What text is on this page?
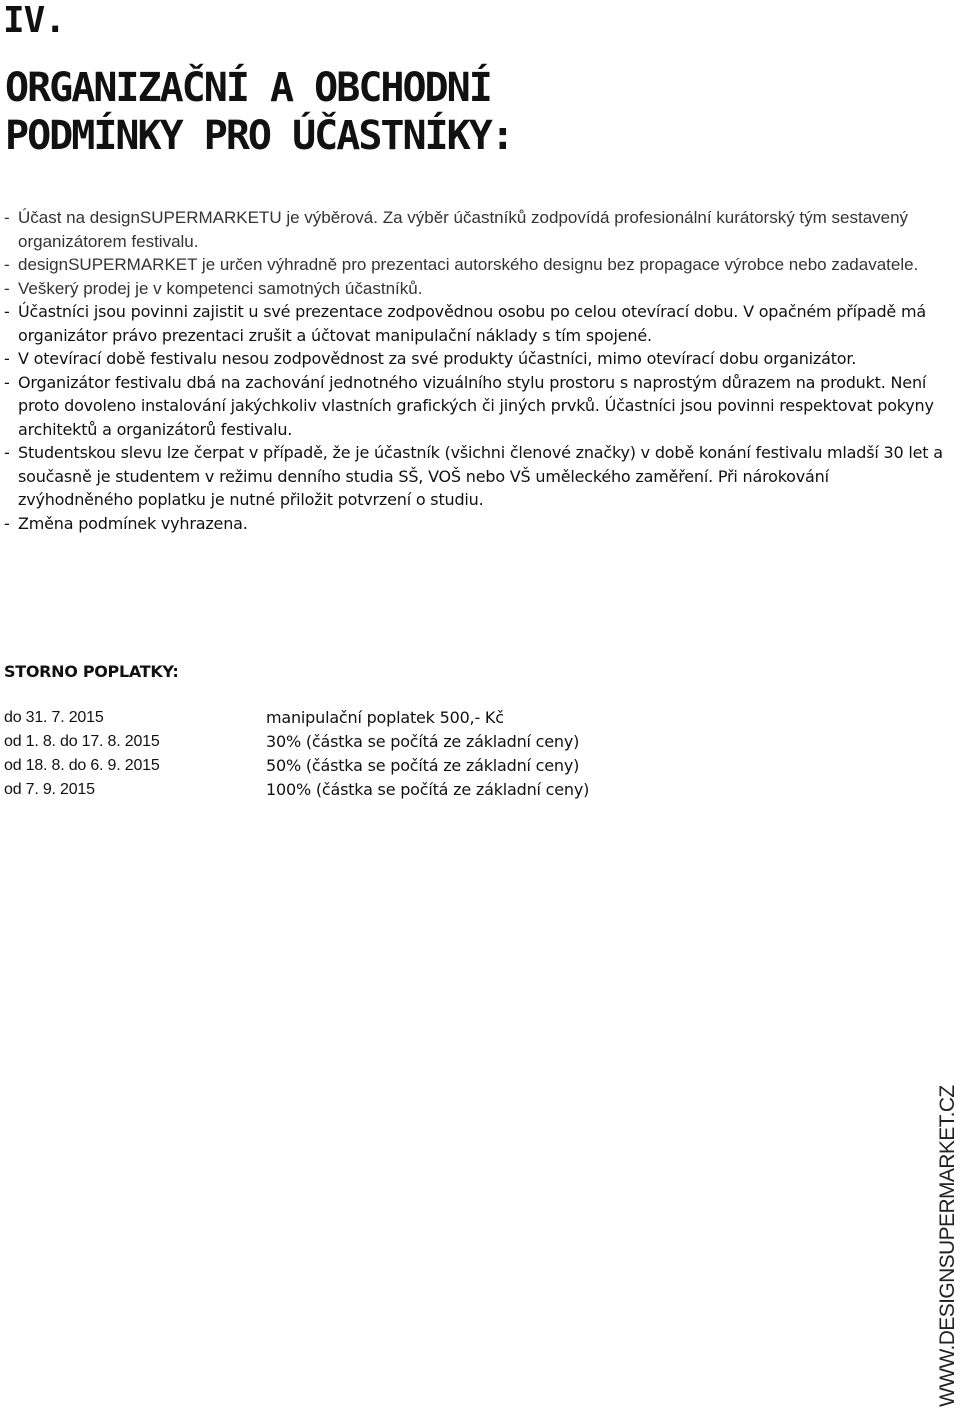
IV.
ORGANIZAČNÍ A OBCHODNÍ
PODMÍNKY PRO ÚČASTNÍKY:
- Účast na designSUPERMARKETU je výběrová. Za výběr účastníků zodpovídá profesionální kurátorský tým sestavený organizátorem festivalu.
- designSUPERMARKET je určen výhradně pro prezentaci autorského designu bez propagace výrobce nebo zadavatele.
- Veškerý prodej je v kompetenci samotných účastníků.
- Účastníci jsou povinni zajistit u své prezentace zodpovědnou osobu po celou otevírací dobu. V opačném případě má organizátor právo prezentaci zrušit a účtovat manipulační náklady s tím spojené.
- V otevírací době festivalu nesou zodpovědnost za své produkty účastníci, mimo otevírací dobu organizátor.
- Organizátor festivalu dbá na zachování jednotného vizuálního stylu prostoru s naprostým důrazem na produkt. Není proto dovoleno instalování jakýchkoliv vlastních grafických či jiných prvků. Účastníci jsou povinni respektovat pokyny architektů a organizátorů festivalu.
- Studentskou slevu lze čerpat v případě, že je účastník (všichni členové značky) v době konání festivalu mladší 30 let a současně je studentem v režimu denního studia SŠ, VOŠ nebo VŠ uměleckého zaměření. Při nárokování zvýhodněného poplatku je nutné přiložit potvrzení o studiu.
- Změna podmínek vyhrazena.
STORNO POPLATKY:
do 31. 7. 2015	manipulační poplatek 500,- Kč
od 1. 8. do 17. 8. 2015	30% (částka se počítá ze základní ceny)
od 18. 8. do 6. 9. 2015	50% (částka se počítá ze základní ceny)
od 7. 9. 2015	100% (částka se počítá ze základní ceny)
WWW.DESIGNSUPERMARKET.CZ
